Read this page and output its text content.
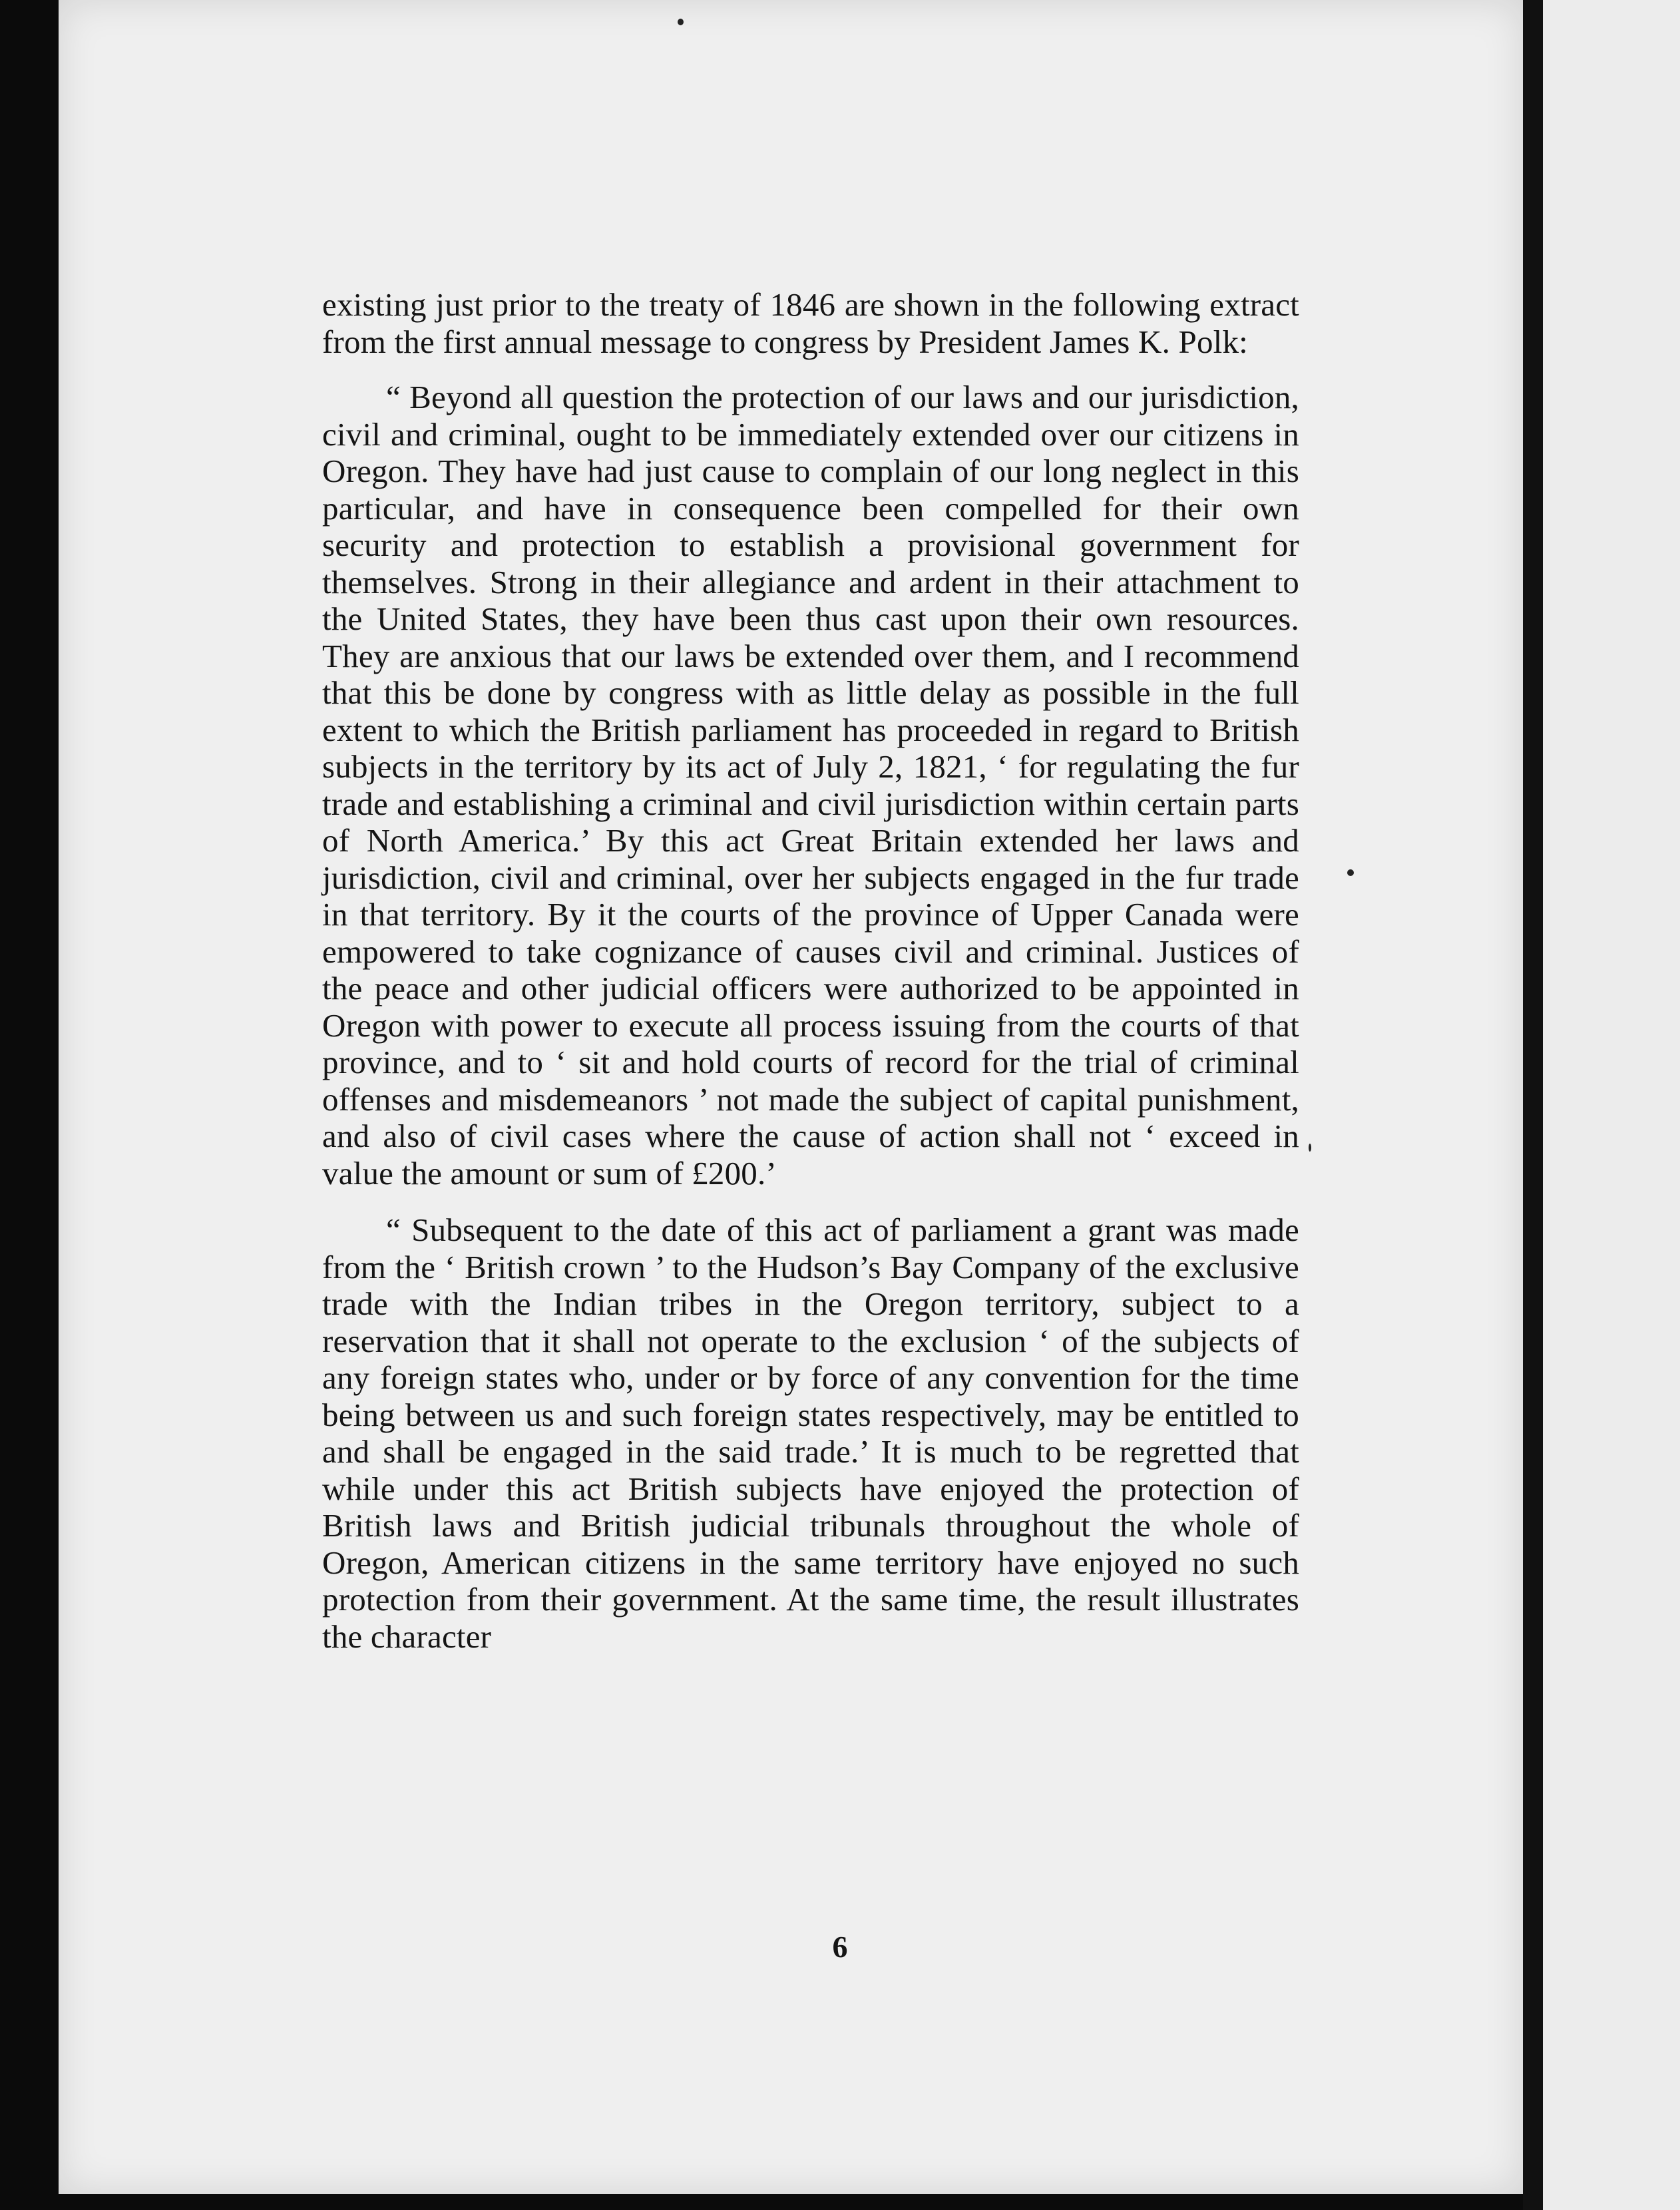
existing just prior to the treaty of 1846 are shown in the following extract from the first annual message to congress by President James K. Polk:

“ Beyond all question the protection of our laws and our jurisdiction, civil and criminal, ought to be immediately extended over our citizens in Oregon. They have had just cause to complain of our long neglect in this particular, and have in consequence been compelled for their own security and protection to establish a provisional government for themselves. Strong in their allegiance and ardent in their attachment to the United States, they have been thus cast upon their own resources. They are anxious that our laws be extended over them, and I recommend that this be done by congress with as little delay as possible in the full extent to which the British parliament has proceeded in regard to British subjects in the territory by its act of July 2, 1821, ‘ for regulating the fur trade and establishing a criminal and civil jurisdiction within certain parts of North America.’ By this act Great Britain extended her laws and jurisdiction, civil and criminal, over her subjects engaged in the fur trade in that territory. By it the courts of the province of Upper Canada were empowered to take cognizance of causes civil and criminal. Justices of the peace and other judicial officers were authorized to be appointed in Oregon with power to execute all process issuing from the courts of that province, and to ‘ sit and hold courts of record for the trial of criminal offenses and misdemeanors ’ not made the subject of capital punishment, and also of civil cases where the cause of action shall not ‘ exceed in value the amount or sum of £200.’

“ Subsequent to the date of this act of parliament a grant was made from the ‘ British crown ’ to the Hudson’s Bay Company of the exclusive trade with the Indian tribes in the Oregon territory, subject to a reservation that it shall not operate to the exclusion ‘ of the subjects of any foreign states who, under or by force of any convention for the time being between us and such foreign states respectively, may be entitled to and shall be engaged in the said trade.’ It is much to be regretted that while under this act British subjects have enjoyed the protection of British laws and British judicial tribunals throughout the whole of Oregon, American citizens in the same territory have enjoyed no such protection from their government. At the same time, the result illustrates the character

6
